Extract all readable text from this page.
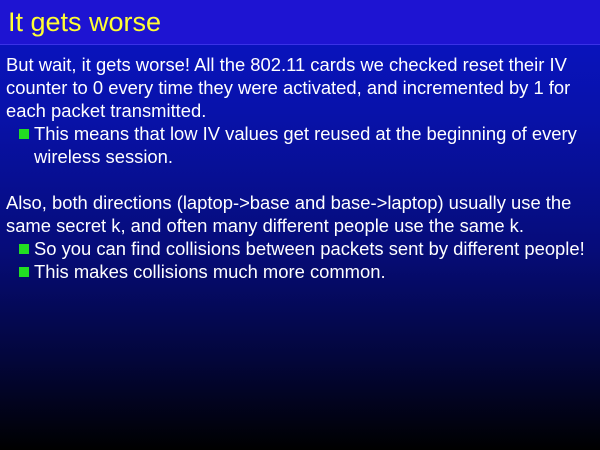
It gets worse

But wait, it gets worse! All the 802.11 cards we checked reset their IV counter to 0 every time they were activated, and incremented by 1 for each packet transmitted.

This means that low IV values get reused at the beginning of every wireless session.

Also, both directions (laptop->base and base->laptop) usually use the same secret k, and often many different people use the same k.

So you can find collisions between packets sent by different people!
This makes collisions much more common.
